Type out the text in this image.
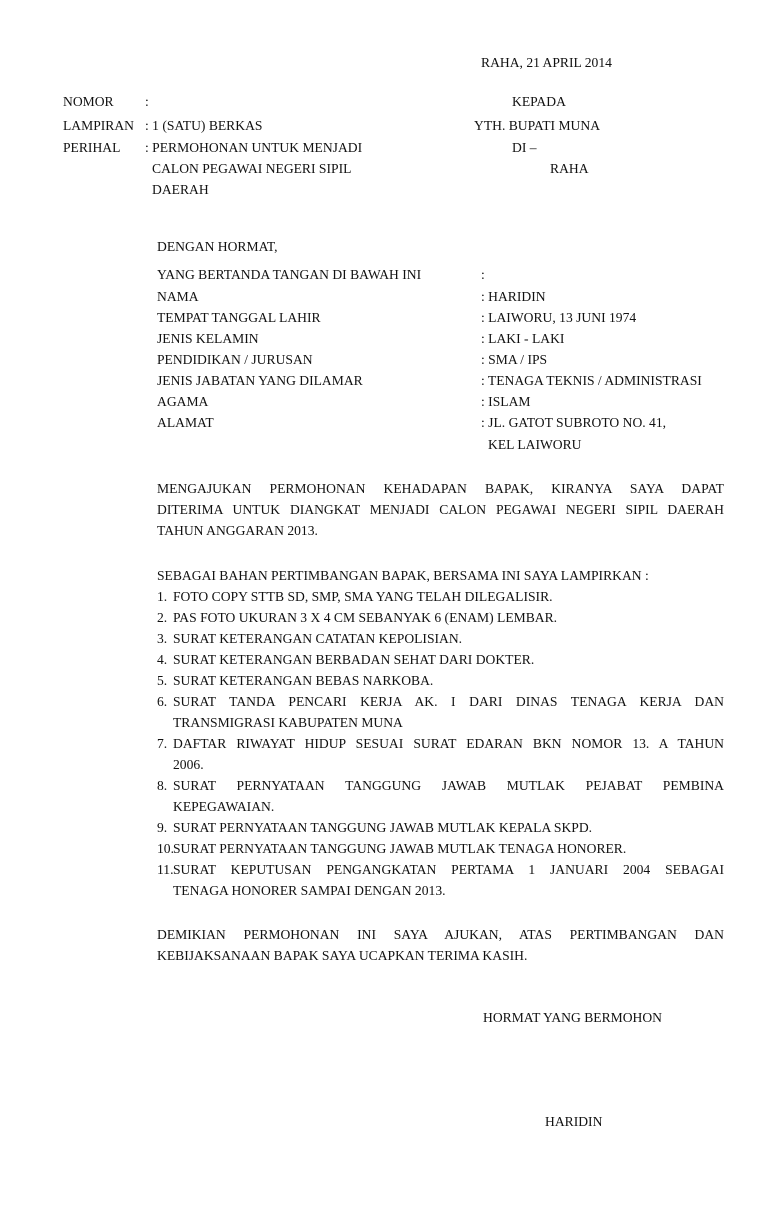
RAHA, 21 APRIL 2014
NOMOR :
LAMPIRAN : 1 (SATU) BERKAS
PERIHAL : PERMOHONAN UNTUK MENJADI
CALON PEGAWAI NEGERI SIPIL
DAERAH
KEPADA
YTH. BUPATI MUNA
DI –
RAHA
DENGAN HORMAT,
YANG BERTANDA TANGAN DI BAWAH INI	:
NAMA	: HARIDIN
TEMPAT TANGGAL LAHIR	: LAIWORU, 13 JUNI 1974
JENIS KELAMIN	: LAKI - LAKI
PENDIDIKAN / JURUSAN	: SMA / IPS
JENIS JABATAN YANG DILAMAR	: TENAGA TEKNIS / ADMINISTRASI
AGAMA	: ISLAM
ALAMAT	: JL. GATOT SUBROTO NO. 41,
KEL LAIWORU
MENGAJUKAN PERMOHONAN KEHADAPAN BAPAK, KIRANYA SAYA DAPAT
DITERIMA UNTUK DIANGKAT MENJADI CALON PEGAWAI NEGERI SIPIL DAERAH
TAHUN ANGGARAN 2013.
SEBAGAI BAHAN PERTIMBANGAN BAPAK, BERSAMA INI SAYA LAMPIRKAN :
1. FOTO COPY STTB SD, SMP, SMA YANG TELAH DILEGALISIR.
2. PAS FOTO UKURAN 3 X 4 CM SEBANYAK 6 (ENAM) LEMBAR.
3. SURAT KETERANGAN CATATAN KEPOLISIAN.
4. SURAT KETERANGAN BERBADAN SEHAT DARI DOKTER.
5. SURAT KETERANGAN BEBAS NARKOBA.
6. SURAT TANDA PENCARI KERJA AK. I DARI DINAS TENAGA KERJA DAN
TRANSMIGRASI KABUPATEN MUNA
7. DAFTAR RIWAYAT HIDUP SESUAI SURAT EDARAN BKN NOMOR 13. A TAHUN
2006.
8. SURAT PERNYATAAN TANGGUNG JAWAB MUTLAK PEJABAT PEMBINA
KEPEGAWAIAN.
9. SURAT PERNYATAAN TANGGUNG JAWAB MUTLAK KEPALA SKPD.
10. SURAT PERNYATAAN TANGGUNG JAWAB MUTLAK TENAGA HONORER.
11. SURAT KEPUTUSAN PENGANGKATAN PERTAMA 1 JANUARI 2004 SEBAGAI
TENAGA HONORER SAMPAI DENGAN 2013.
DEMIKIAN PERMOHONAN INI SAYA AJUKAN, ATAS PERTIMBANGAN DAN
KEBIJAKSANAAN BAPAK SAYA UCAPKAN TERIMA KASIH.
HORMAT YANG BERMOHON
HARIDIN
